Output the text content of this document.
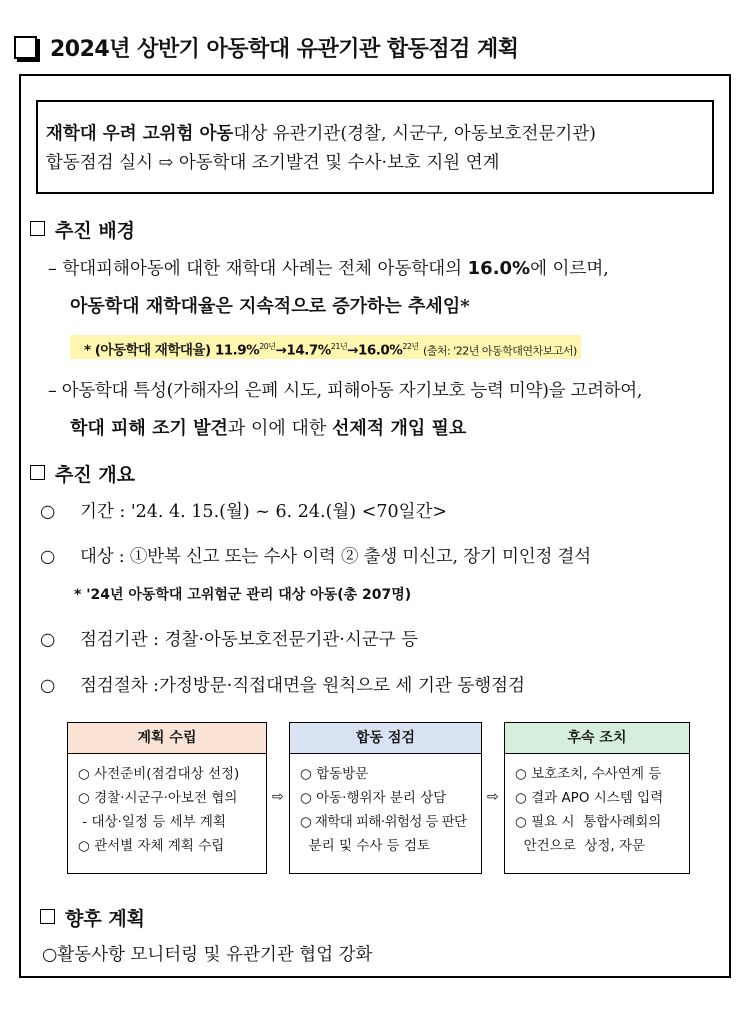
2024년 상반기 아동학대 유관기관 합동점검 계획
재학대 우려 고위험 아동대상 유관기관(경찰, 시군구, 아동보호전문기관)
합동점검 실시 ⇨ 아동학대 조기발견 및 수사·보호 지원 연계
추진 배경
– 학대피해아동에 대한 재학대 사례는 전체 아동학대의 16.0%에 이르며,
아동학대 재학대율은 지속적으로 증가하는 추세임*
* (아동학대 재학대율) 11.9%$^{20년}$→14.7%$^{21년}$→16.0%$^{22년}$ (출처: '22년 아동학대연차보고서)
– 아동학대 특성(가해자의 은폐 시도, 피해아동 자기보호 능력 미약)을 고려하여,
학대 피해 조기 발견과 이에 대한 선제적 개입 필요
추진 개요
○ 기간 : '24. 4. 15.(월) ~ 6. 24.(월) <70일간>
○ 대상 : ①반복 신고 또는 수사 이력 ② 출생 미신고, 장기 미인정 결석
* '24년 아동학대 고위험군 관리 대상 아동(총 207명)
○ 점검기관 : 경찰·아동보호전문기관·시군구 등
○ 점검절차 :가정방문·직접대면을 원칙으로 세 기관 동행점검
계획 수립
○ 사전준비(점검대상 선정)
○ 경찰·시군구·아보전 협의
- 대상·일정 등 세부 계획
○ 관서별 자체 계획 수립
⇨
합동 점검
○ 합동방문
○ 아동·행위자 분리 상담
○ 재학대 피해·위험성 등 판단
분리 및 수사 등 검토
⇨
후속 조치
○ 보호조치, 수사연계 등
○ 결과 APO 시스템 입력
○ 필요 시  통합사례회의
안건으로  상정, 자문
향후 계획
○활동사항 모니터링 및 유관기관 협업 강화
